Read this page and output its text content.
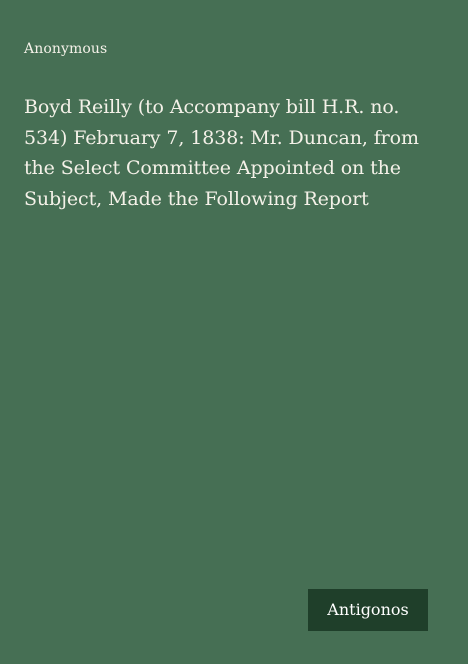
Anonymous
Boyd Reilly (to Accompany bill H.R. no. 534) February 7, 1838: Mr. Duncan, from the Select Committee Appointed on the Subject, Made the Following Report
Antigonos
